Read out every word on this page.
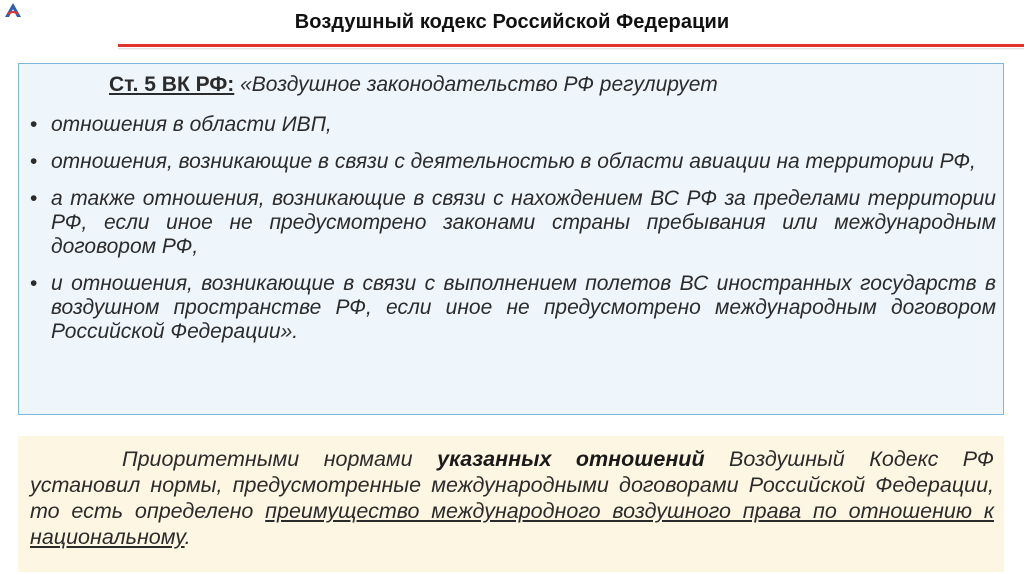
Воздушный кодекс Российской Федерации
Ст. 5 ВК РФ: «Воздушное законодательство РФ регулирует
• отношения в области ИВП,
• отношения, возникающие в связи с деятельностью в области авиации на территории РФ,
• а также отношения, возникающие в связи с нахождением ВС РФ за пределами территории РФ, если иное не предусмотрено законами страны пребывания или международным договором РФ,
• и отношения, возникающие в связи с выполнением полетов ВС иностранных государств в воздушном пространстве РФ, если иное не предусмотрено международным договором Российской Федерации».
Приоритетными нормами указанных отношений Воздушный Кодекс РФ установил нормы, предусмотренные международными договорами Российской Федерации, то есть определено преимущество международного воздушного права по отношению к национальному.
